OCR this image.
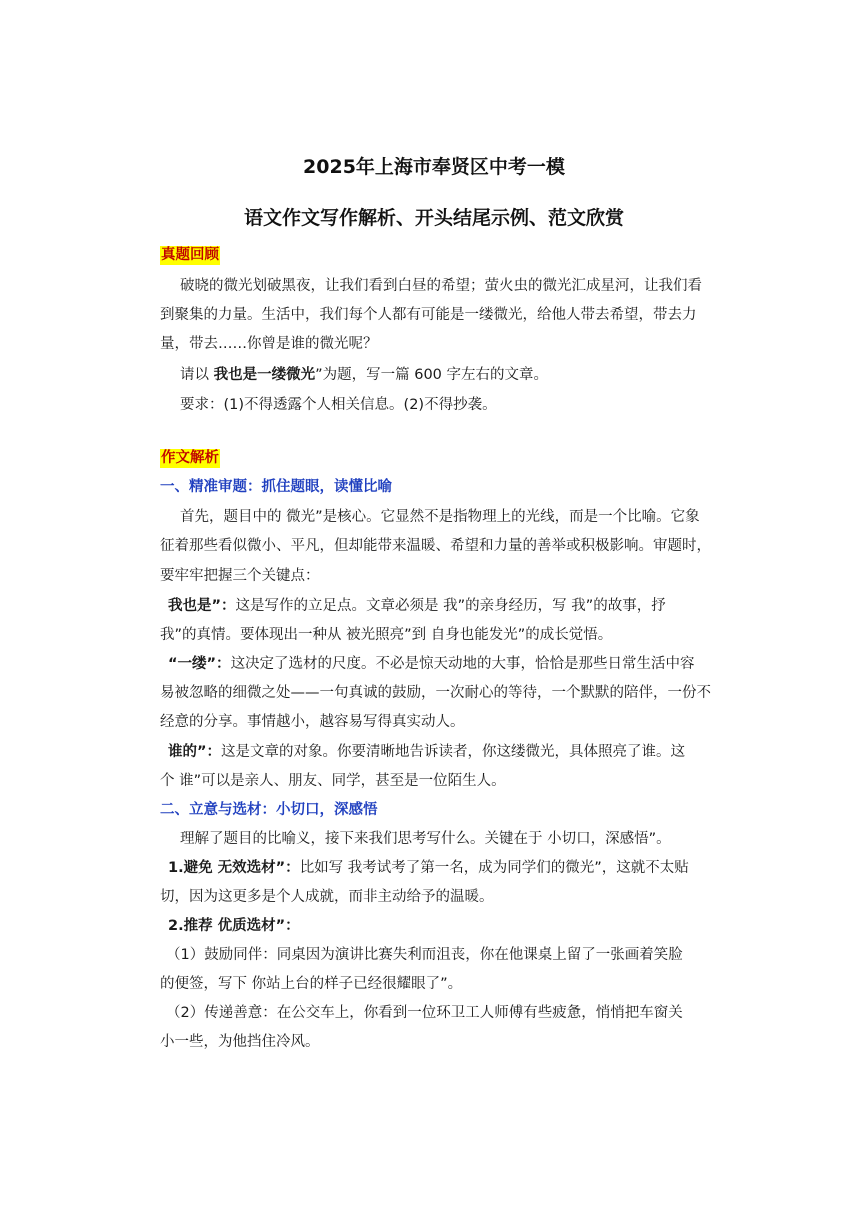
2025年上海市奉贤区中考一模
语文作文写作解析、开头结尾示例、范文欣赏
真题回顾
破晓的微光划破黑夜，让我们看到白昼的希望；萤火虫的微光汇成星河，让我们看
到聚集的力量。生活中，我们每个人都有可能是一缕微光，给他人带去希望，带去力
量，带去……你曾是谁的微光呢？
请以 我也是一缕微光”为题，写一篇 600 字左右的文章。
要求：(1)不得透露个人相关信息。(2)不得抄袭。
作文解析
一、精准审题：抓住题眼，读懂比喻
首先，题目中的 微光”是核心。它显然不是指物理上的光线，而是一个比喻。它象
征着那些看似微小、平凡，但却能带来温暖、希望和力量的善举或积极影响。审题时，
要牢牢把握三个关键点：
我也是”：这是写作的立足点。文章必须是 我”的亲身经历，写 我”的故事，抒
我”的真情。要体现出一种从 被光照亮”到 自身也能发光”的成长觉悟。
“一缕”：这决定了选材的尺度。不必是惊天动地的大事，恰恰是那些日常生活中容
易被忽略的细微之处——一句真诚的鼓励，一次耐心的等待，一个默默的陪伴，一份不
经意的分享。事情越小，越容易写得真实动人。
谁的”：这是文章的对象。你要清晰地告诉读者，你这缕微光，具体照亮了谁。这
个 谁”可以是亲人、朋友、同学，甚至是一位陌生人。
二、立意与选材：小切口，深感悟
理解了题目的比喻义，接下来我们思考写什么。关键在于 小切口，深感悟”。
1.避免 无效选材”：比如写 我考试考了第一名，成为同学们的微光”，这就不太贴
切，因为这更多是个人成就，而非主动给予的温暖。
2.推荐 优质选材”：
（1）鼓励同伴：同桌因为演讲比赛失利而沮丧，你在他课桌上留了一张画着笑脸
的便签，写下 你站上台的样子已经很耀眼了”。
（2）传递善意：在公交车上，你看到一位环卫工人师傅有些疲惫，悄悄把车窗关
小一些，为他挡住冷风。
